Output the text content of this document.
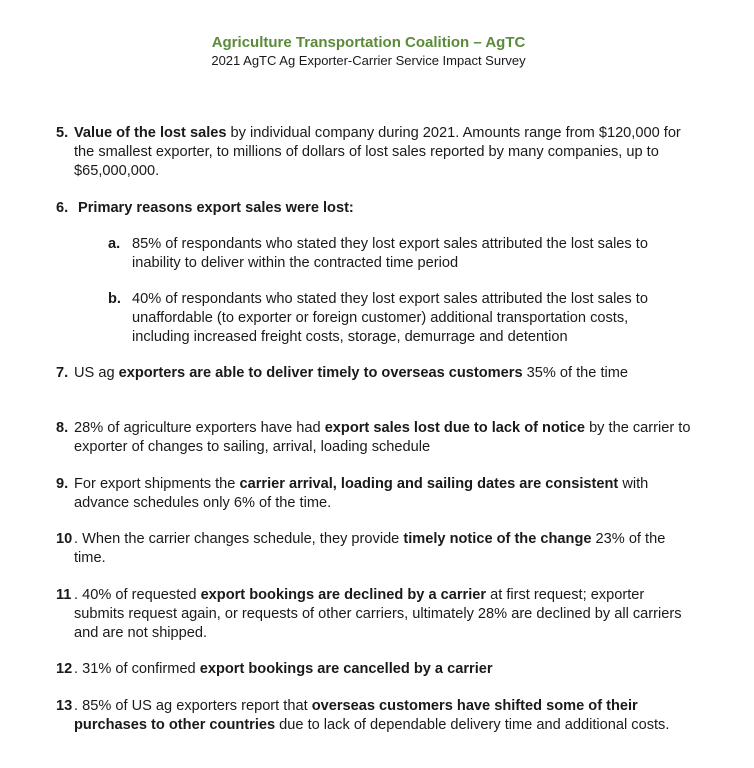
Agriculture Transportation Coalition – AgTC
2021 AgTC Ag Exporter-Carrier Service Impact Survey
5. Value of the lost sales by individual company during 2021. Amounts range from $120,000 for the smallest exporter, to millions of dollars of lost sales reported by many companies, up to $65,000,000.
6. Primary reasons export sales were lost:
a. 85% of respondants who stated they lost export sales attributed the lost sales to inability to deliver within the contracted time period
b. 40% of respondants who stated they lost export sales attributed the lost sales to unaffordable (to exporter or foreign customer) additional transportation costs, including increased freight costs, storage, demurrage and detention
7. US ag exporters are able to deliver timely to overseas customers 35% of the time
8. 28% of agriculture exporters have had export sales lost due to lack of notice by the carrier to exporter of changes to sailing, arrival, loading schedule
9. For export shipments the carrier arrival, loading and sailing dates are consistent with advance schedules only 6% of the time.
10 . When the carrier changes schedule, they provide timely notice of the change 23% of the time.
11 . 40% of requested export bookings are declined by a carrier at first request; exporter submits request again, or requests of other carriers, ultimately 28% are declined by all carriers and are not shipped.
12 . 31% of confirmed export bookings are cancelled by a carrier
13 . 85% of US ag exporters report that overseas customers have shifted some of their purchases to other countries due to lack of dependable delivery time and additional costs.
